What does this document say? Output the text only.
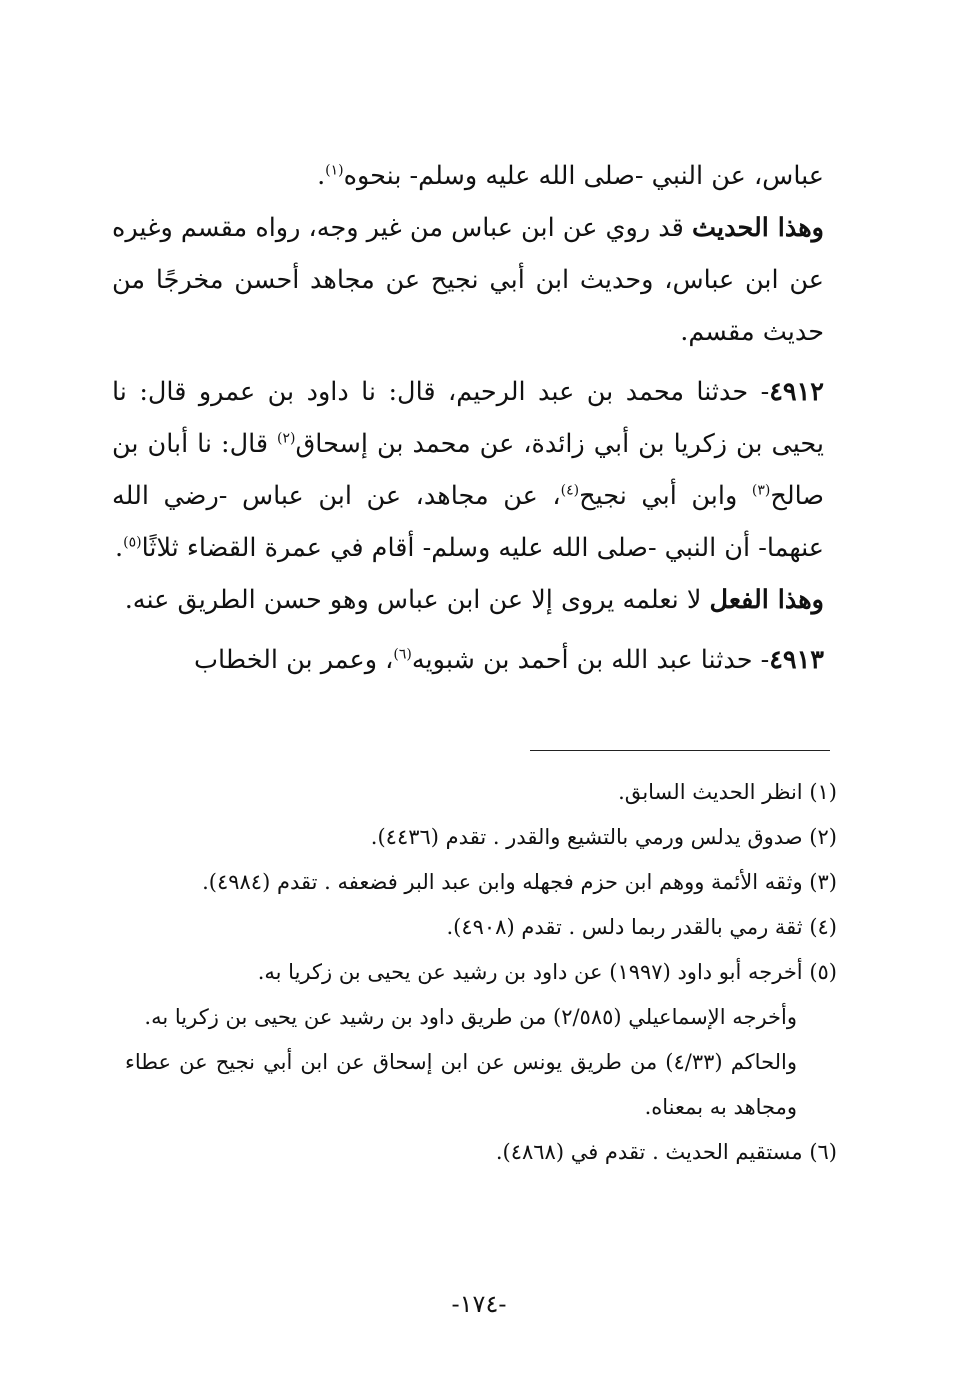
عباس، عن النبي -صلى الله عليه وسلم- بنحوه$^{(١)}$.

وهذا الحديث قد روي عن ابن عباس من غير وجه، رواه مقسم وغيره عن ابن عباس، وحديث ابن أبي نجيح عن مجاهد أحسن مخرجًا من حديث مقسم.

٤٩١٢- حدثنا محمد بن عبد الرحيم، قال: نا داود بن عمرو قال: نا يحيى بن زكريا بن أبي زائدة، عن محمد بن إسحاق$^{(٢)}$ قال: نا أبان بن صالح$^{(٣)}$ وابن أبي نجيح$^{(٤)}$، عن مجاهد، عن ابن عباس -رضي الله عنهما- أن النبي -صلى الله عليه وسلم- أقام في عمرة القضاء ثلاثًا$^{(٥)}$.

وهذا الفعل لا نعلمه يروى إلا عن ابن عباس وهو حسن الطريق عنه.

٤٩١٣- حدثنا عبد الله بن أحمد بن شبويه$^{(٦)}$، وعمر بن الخطاب

(١) انظر الحديث السابق.

(٢) صدوق يدلس ورمي بالتشيع والقدر . تقدم (٤٤٣٦).

(٣) وثقه الأئمة ووهم ابن حزم فجهله وابن عبد البر فضعفه . تقدم (٤٩٨٤).

(٤) ثقة رمي بالقدر ربما دلس . تقدم (٤٩٠٨).

(٥) أخرجه أبو داود (١٩٩٧) عن داود بن رشيد عن يحيى بن زكريا به.

وأخرجه الإسماعيلي (٢/٥٨٥) من طريق داود بن رشيد عن يحيى بن زكريا به.

والحاكم (٤/٣٣) من طريق يونس عن ابن إسحاق عن ابن أبي نجيح عن عطاء ومجاهد به بمعناه.

(٦) مستقيم الحديث . تقدم في (٤٨٦٨).

-١٧٤-
